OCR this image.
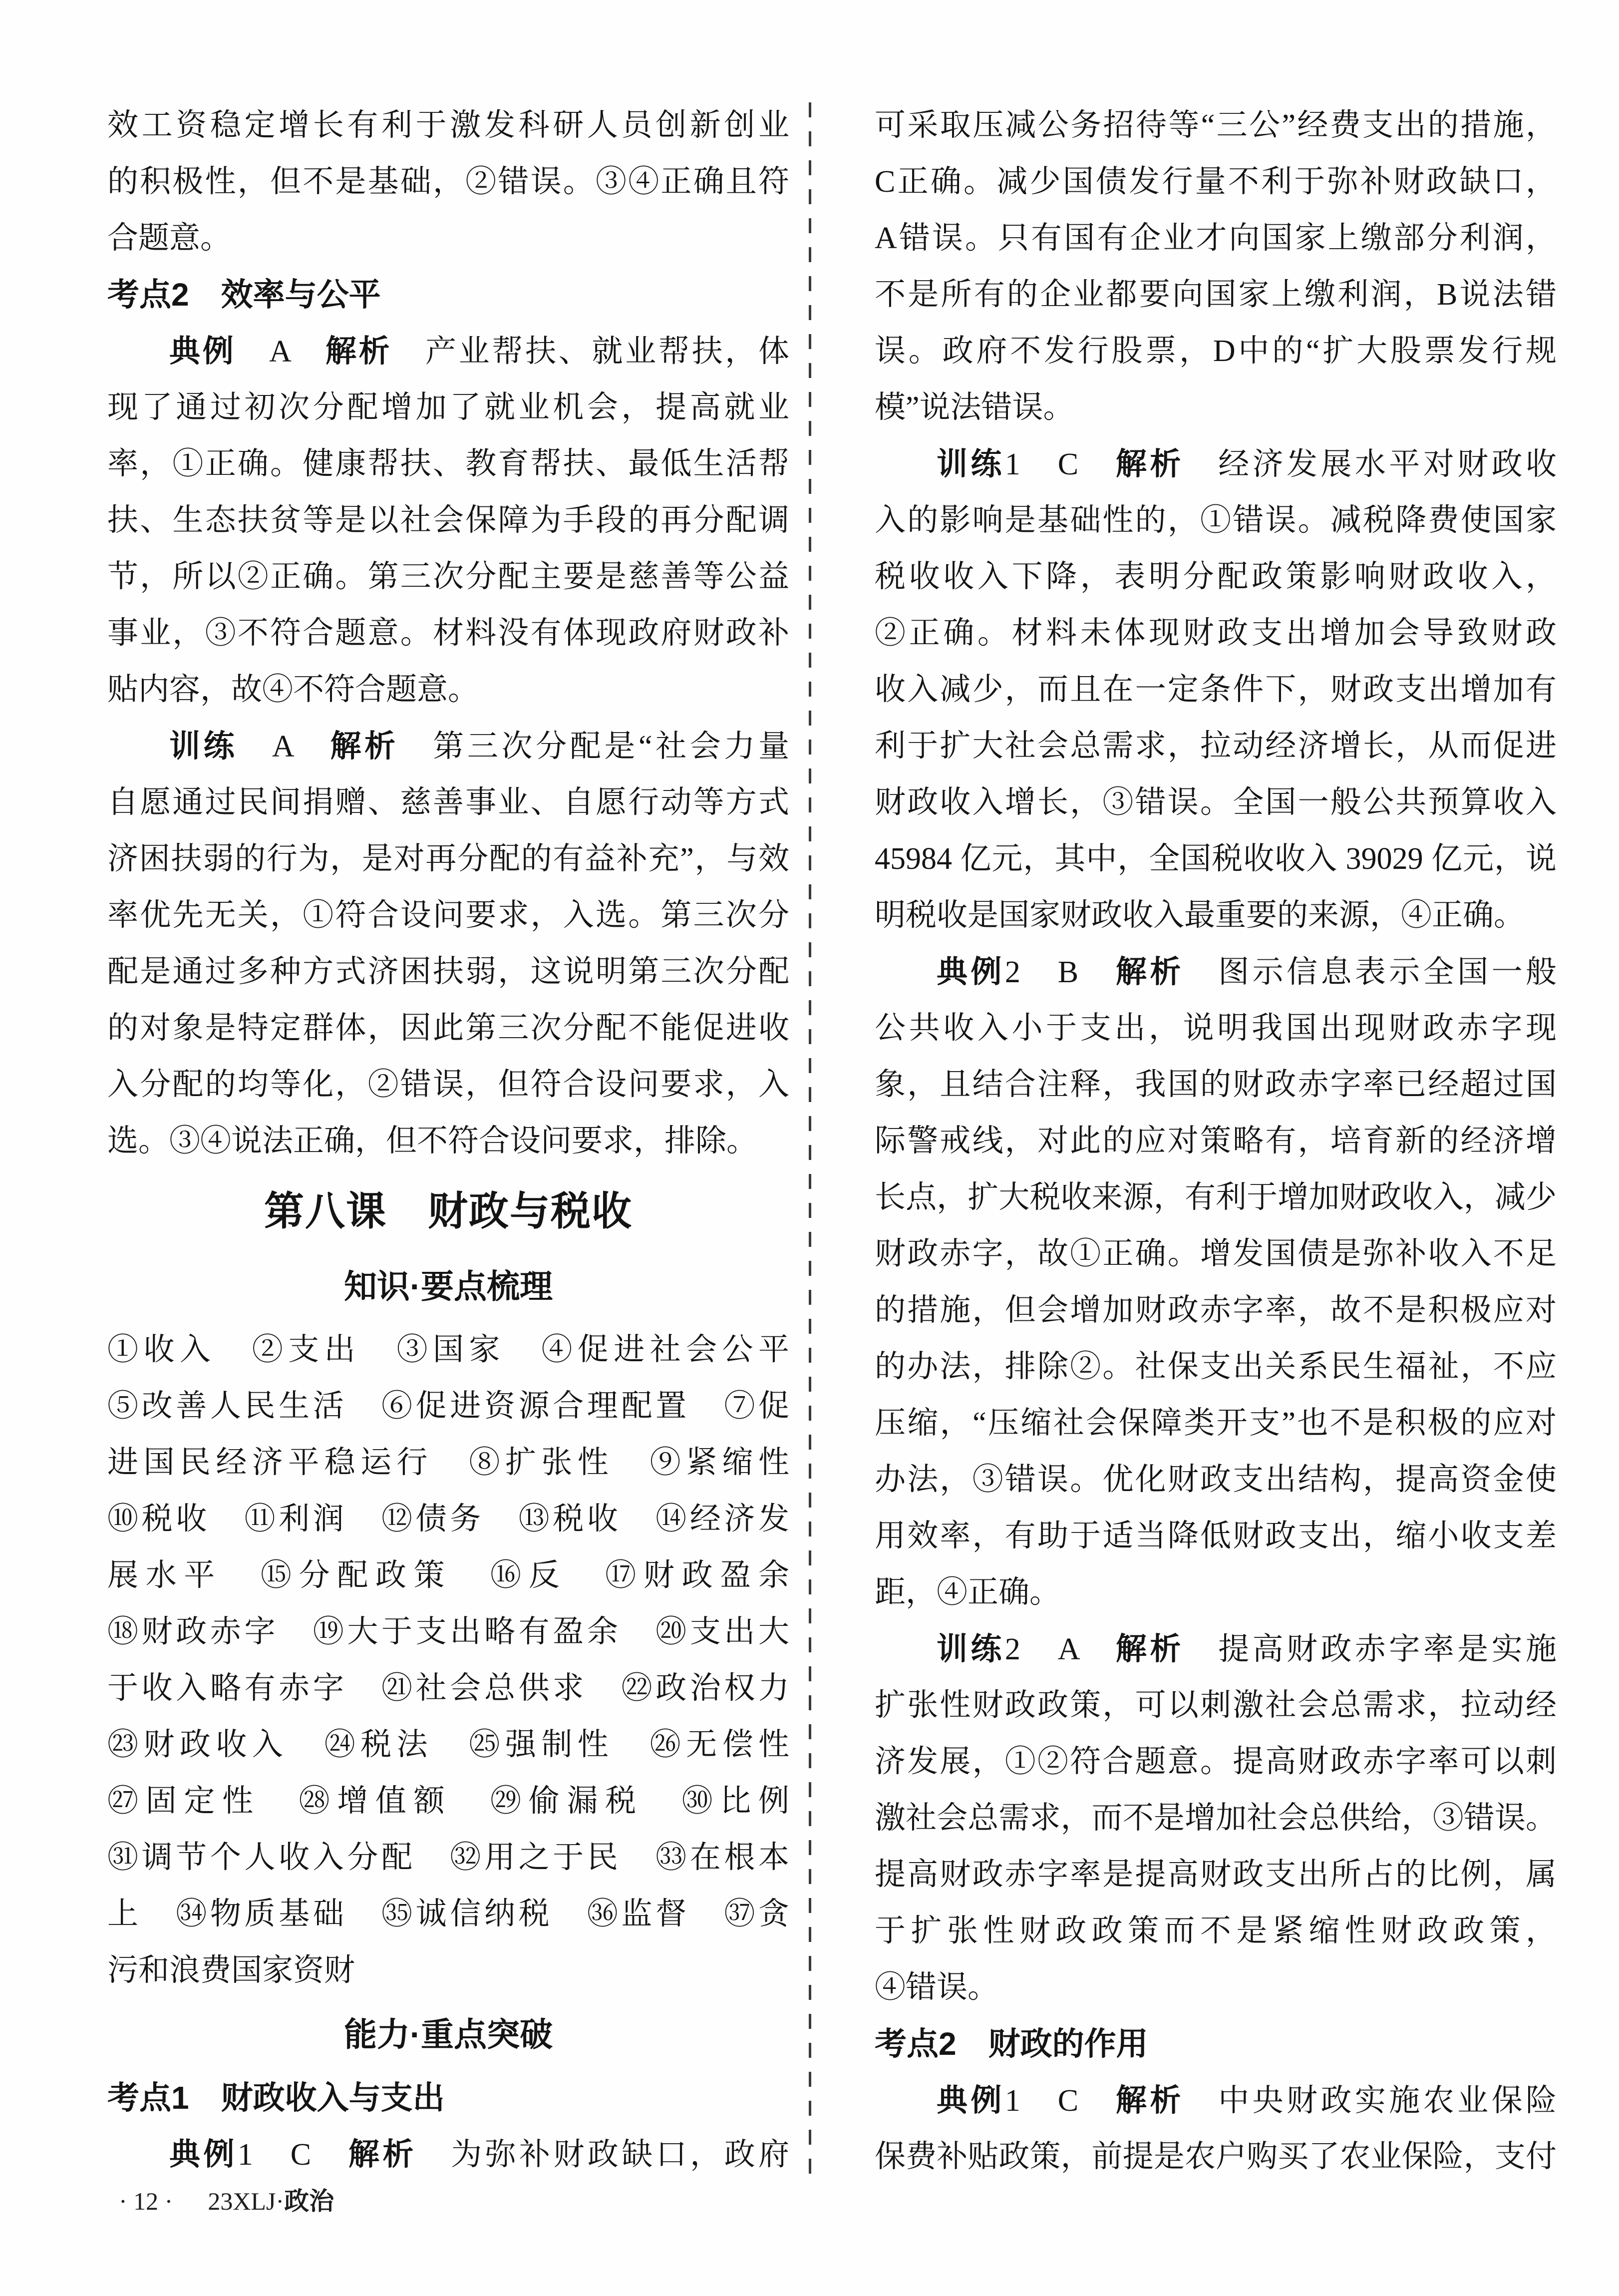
效工资稳定增长有利于激发科研人员创新创业
的积极性，但不是基础，②错误。③④正确且符
合题意。
考点2　效率与公平
典例　A　解析　产业帮扶、就业帮扶，体
现了通过初次分配增加了就业机会，提高就业
率，①正确。健康帮扶、教育帮扶、最低生活帮
扶、生态扶贫等是以社会保障为手段的再分配调
节，所以②正确。第三次分配主要是慈善等公益
事业，③不符合题意。材料没有体现政府财政补
贴内容，故④不符合题意。
训练　A　解析　第三次分配是“社会力量
自愿通过民间捐赠、慈善事业、自愿行动等方式
济困扶弱的行为，是对再分配的有益补充”，与效
率优先无关，①符合设问要求，入选。第三次分
配是通过多种方式济困扶弱，这说明第三次分配
的对象是特定群体，因此第三次分配不能促进收
入分配的均等化，②错误，但符合设问要求，入
选。③④说法正确，但不符合设问要求，排除。
第八课　财政与税收
知识·要点梳理
①收入　②支出　③国家　④促进社会公平
⑤改善人民生活　⑥促进资源合理配置　⑦促
进国民经济平稳运行　⑧扩张性　⑨紧缩性
⑩税收　⑪利润　⑫债务　⑬税收　⑭经济发
展水平　⑮分配政策　⑯反　⑰财政盈余
⑱财政赤字　⑲大于支出略有盈余　⑳支出大
于收入略有赤字　㉑社会总供求　㉒政治权力
㉓财政收入　㉔税法　㉕强制性　㉖无偿性
㉗固定性　㉘增值额　㉙偷漏税　㉚比例
㉛调节个人收入分配　㉜用之于民　㉝在根本
上　㉞物质基础　㉟诚信纳税　㊱监督　㊲贪
污和浪费国家资财
能力·重点突破
考点1　财政收入与支出
典例1　C　解析　为弥补财政缺口，政府
可采取压减公务招待等“三公”经费支出的措施，
C正确。减少国债发行量不利于弥补财政缺口，
A错误。只有国有企业才向国家上缴部分利润，
不是所有的企业都要向国家上缴利润，B说法错
误。政府不发行股票，D中的“扩大股票发行规
模”说法错误。
训练1　C　解析　经济发展水平对财政收
入的影响是基础性的，①错误。减税降费使国家
税收收入下降，表明分配政策影响财政收入，
②正确。材料未体现财政支出增加会导致财政
收入减少，而且在一定条件下，财政支出增加有
利于扩大社会总需求，拉动经济增长，从而促进
财政收入增长，③错误。全国一般公共预算收入
45984 亿元，其中，全国税收收入 39029 亿元，说
明税收是国家财政收入最重要的来源，④正确。
典例2　B　解析　图示信息表示全国一般
公共收入小于支出，说明我国出现财政赤字现
象，且结合注释，我国的财政赤字率已经超过国
际警戒线，对此的应对策略有，培育新的经济增
长点，扩大税收来源，有利于增加财政收入，减少
财政赤字，故①正确。增发国债是弥补收入不足
的措施，但会增加财政赤字率，故不是积极应对
的办法，排除②。社保支出关系民生福祉，不应
压缩，“压缩社会保障类开支”也不是积极的应对
办法，③错误。优化财政支出结构，提高资金使
用效率，有助于适当降低财政支出，缩小收支差
距，④正确。
训练2　A　解析　提高财政赤字率是实施
扩张性财政政策，可以刺激社会总需求，拉动经
济发展，①②符合题意。提高财政赤字率可以刺
激社会总需求，而不是增加社会总供给，③错误。
提高财政赤字率是提高财政支出所占的比例，属
于扩张性财政政策而不是紧缩性财政政策，
④错误。
考点2　财政的作用
典例1　C　解析　中央财政实施农业保险
保费补贴政策，前提是农户购买了农业保险，支付
· 12 · 23XLJ·政治
